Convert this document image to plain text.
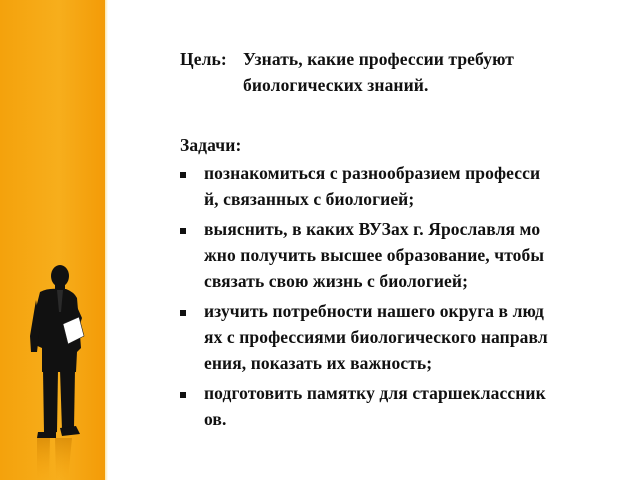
Цель: Узнать, какие профессии требуют
биологических знаний.
Задачи:
познакомиться с разнообразием професси
й, связанных с биологией;
выяснить, в каких ВУЗах г. Ярославля мо
жно получить высшее образование, чтобы
связать свою жизнь с биологией;
изучить потребности нашего округа в люд
ях с профессиями биологического направл
ения, показать их важность;
подготовить памятку для старшеклассник
ов.
